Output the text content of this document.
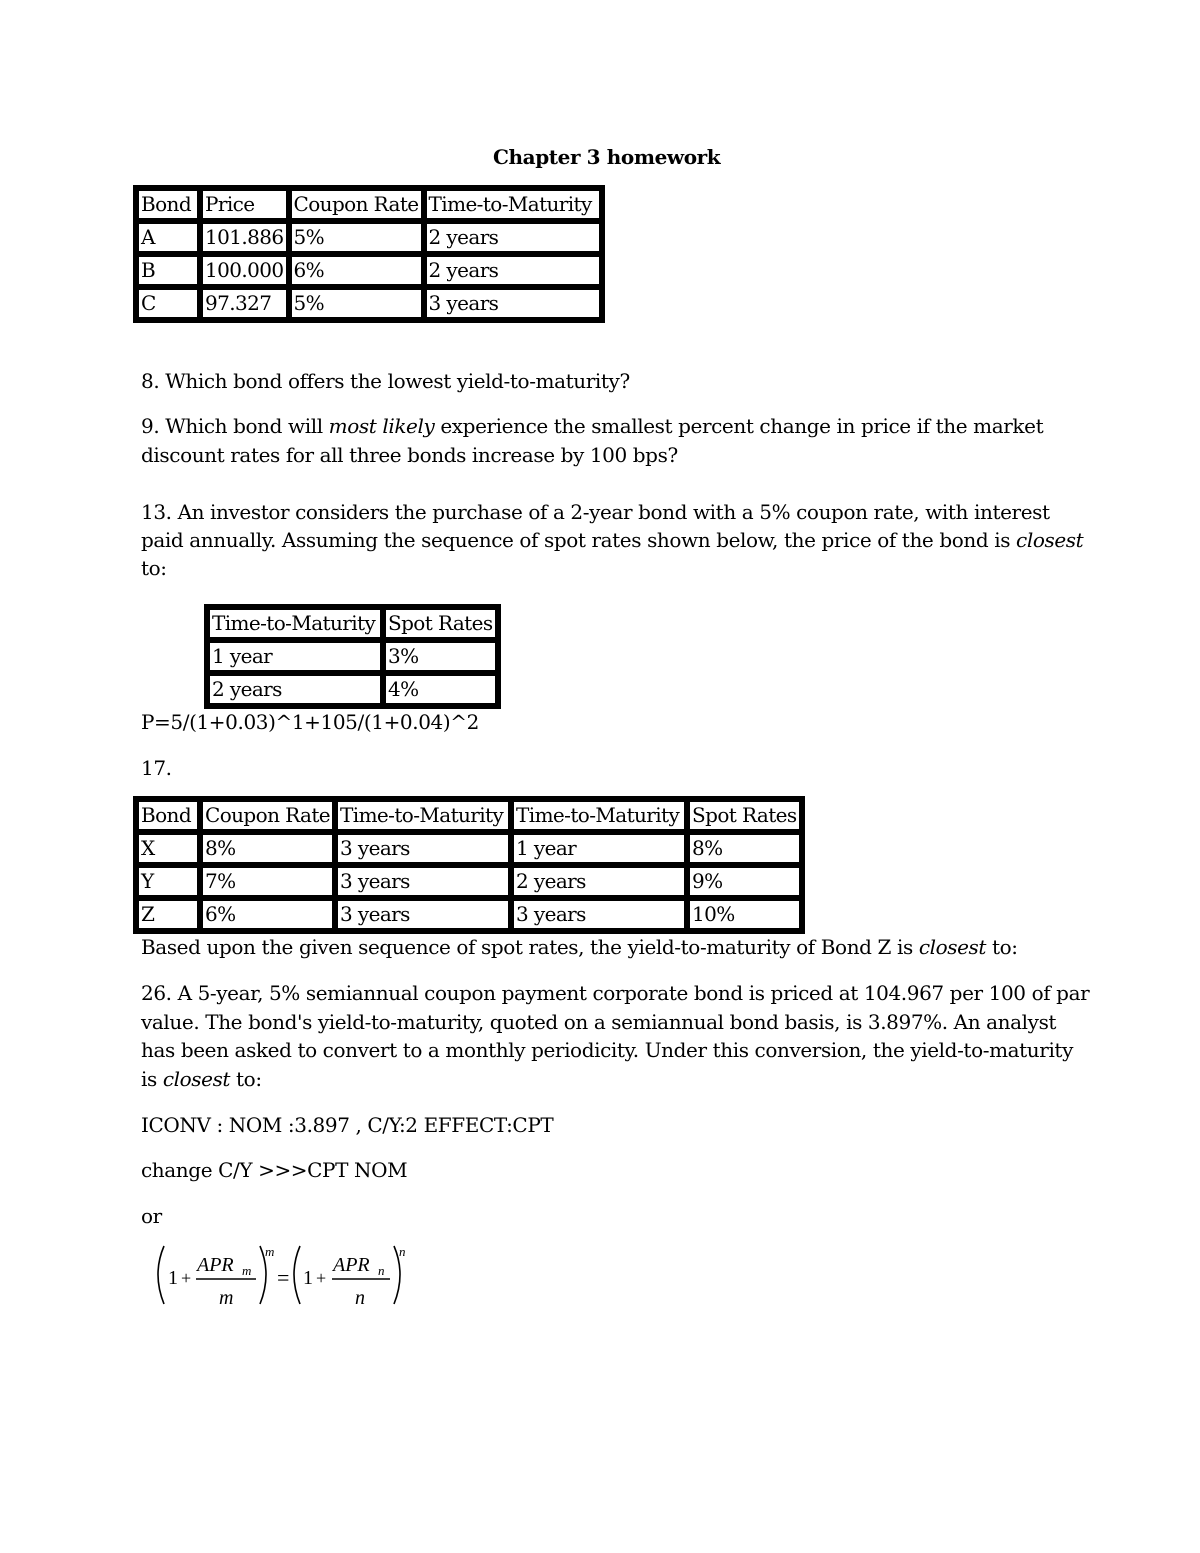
Chapter 3 homework
Bond	Price	Coupon Rate	Time-to-Maturity
A	101.886	5%	2 years
B	100.000	6%	2 years
C	97.327	5%	3 years
8. Which bond offers the lowest yield-to-maturity?
9. Which bond will most likely experience the smallest percent change in price if the market
discount rates for all three bonds increase by 100 bps?
13. An investor considers the purchase of a 2-year bond with a 5% coupon rate, with interest
paid annually. Assuming the sequence of spot rates shown below, the price of the bond is closest
to:
Time-to-Maturity	Spot Rates
1 year	3%
2 years	4%
P=5/(1+0.03)^1+105/(1+0.04)^2
17.
Bond	Coupon Rate	Time-to-Maturity	Time-to-Maturity	Spot Rates
X	8%	3 years	1 year	8%
Y	7%	3 years	2 years	9%
Z	6%	3 years	3 years	10%
Based upon the given sequence of spot rates, the yield-to-maturity of Bond Z is closest to:
26. A 5-year, 5% semiannual coupon payment corporate bond is priced at 104.967 per 100 of par
value. The bond's yield-to-maturity, quoted on a semiannual bond basis, is 3.897%. An analyst
has been asked to convert to a monthly periodicity. Under this conversion, the yield-to-maturity
is closest to:
ICONV : NOM :3.897 , C/Y:2 EFFECT:CPT
change C/Y >>>CPT NOM
or
1 +
APR m
m
m
= 1 +
APR n
n
n
